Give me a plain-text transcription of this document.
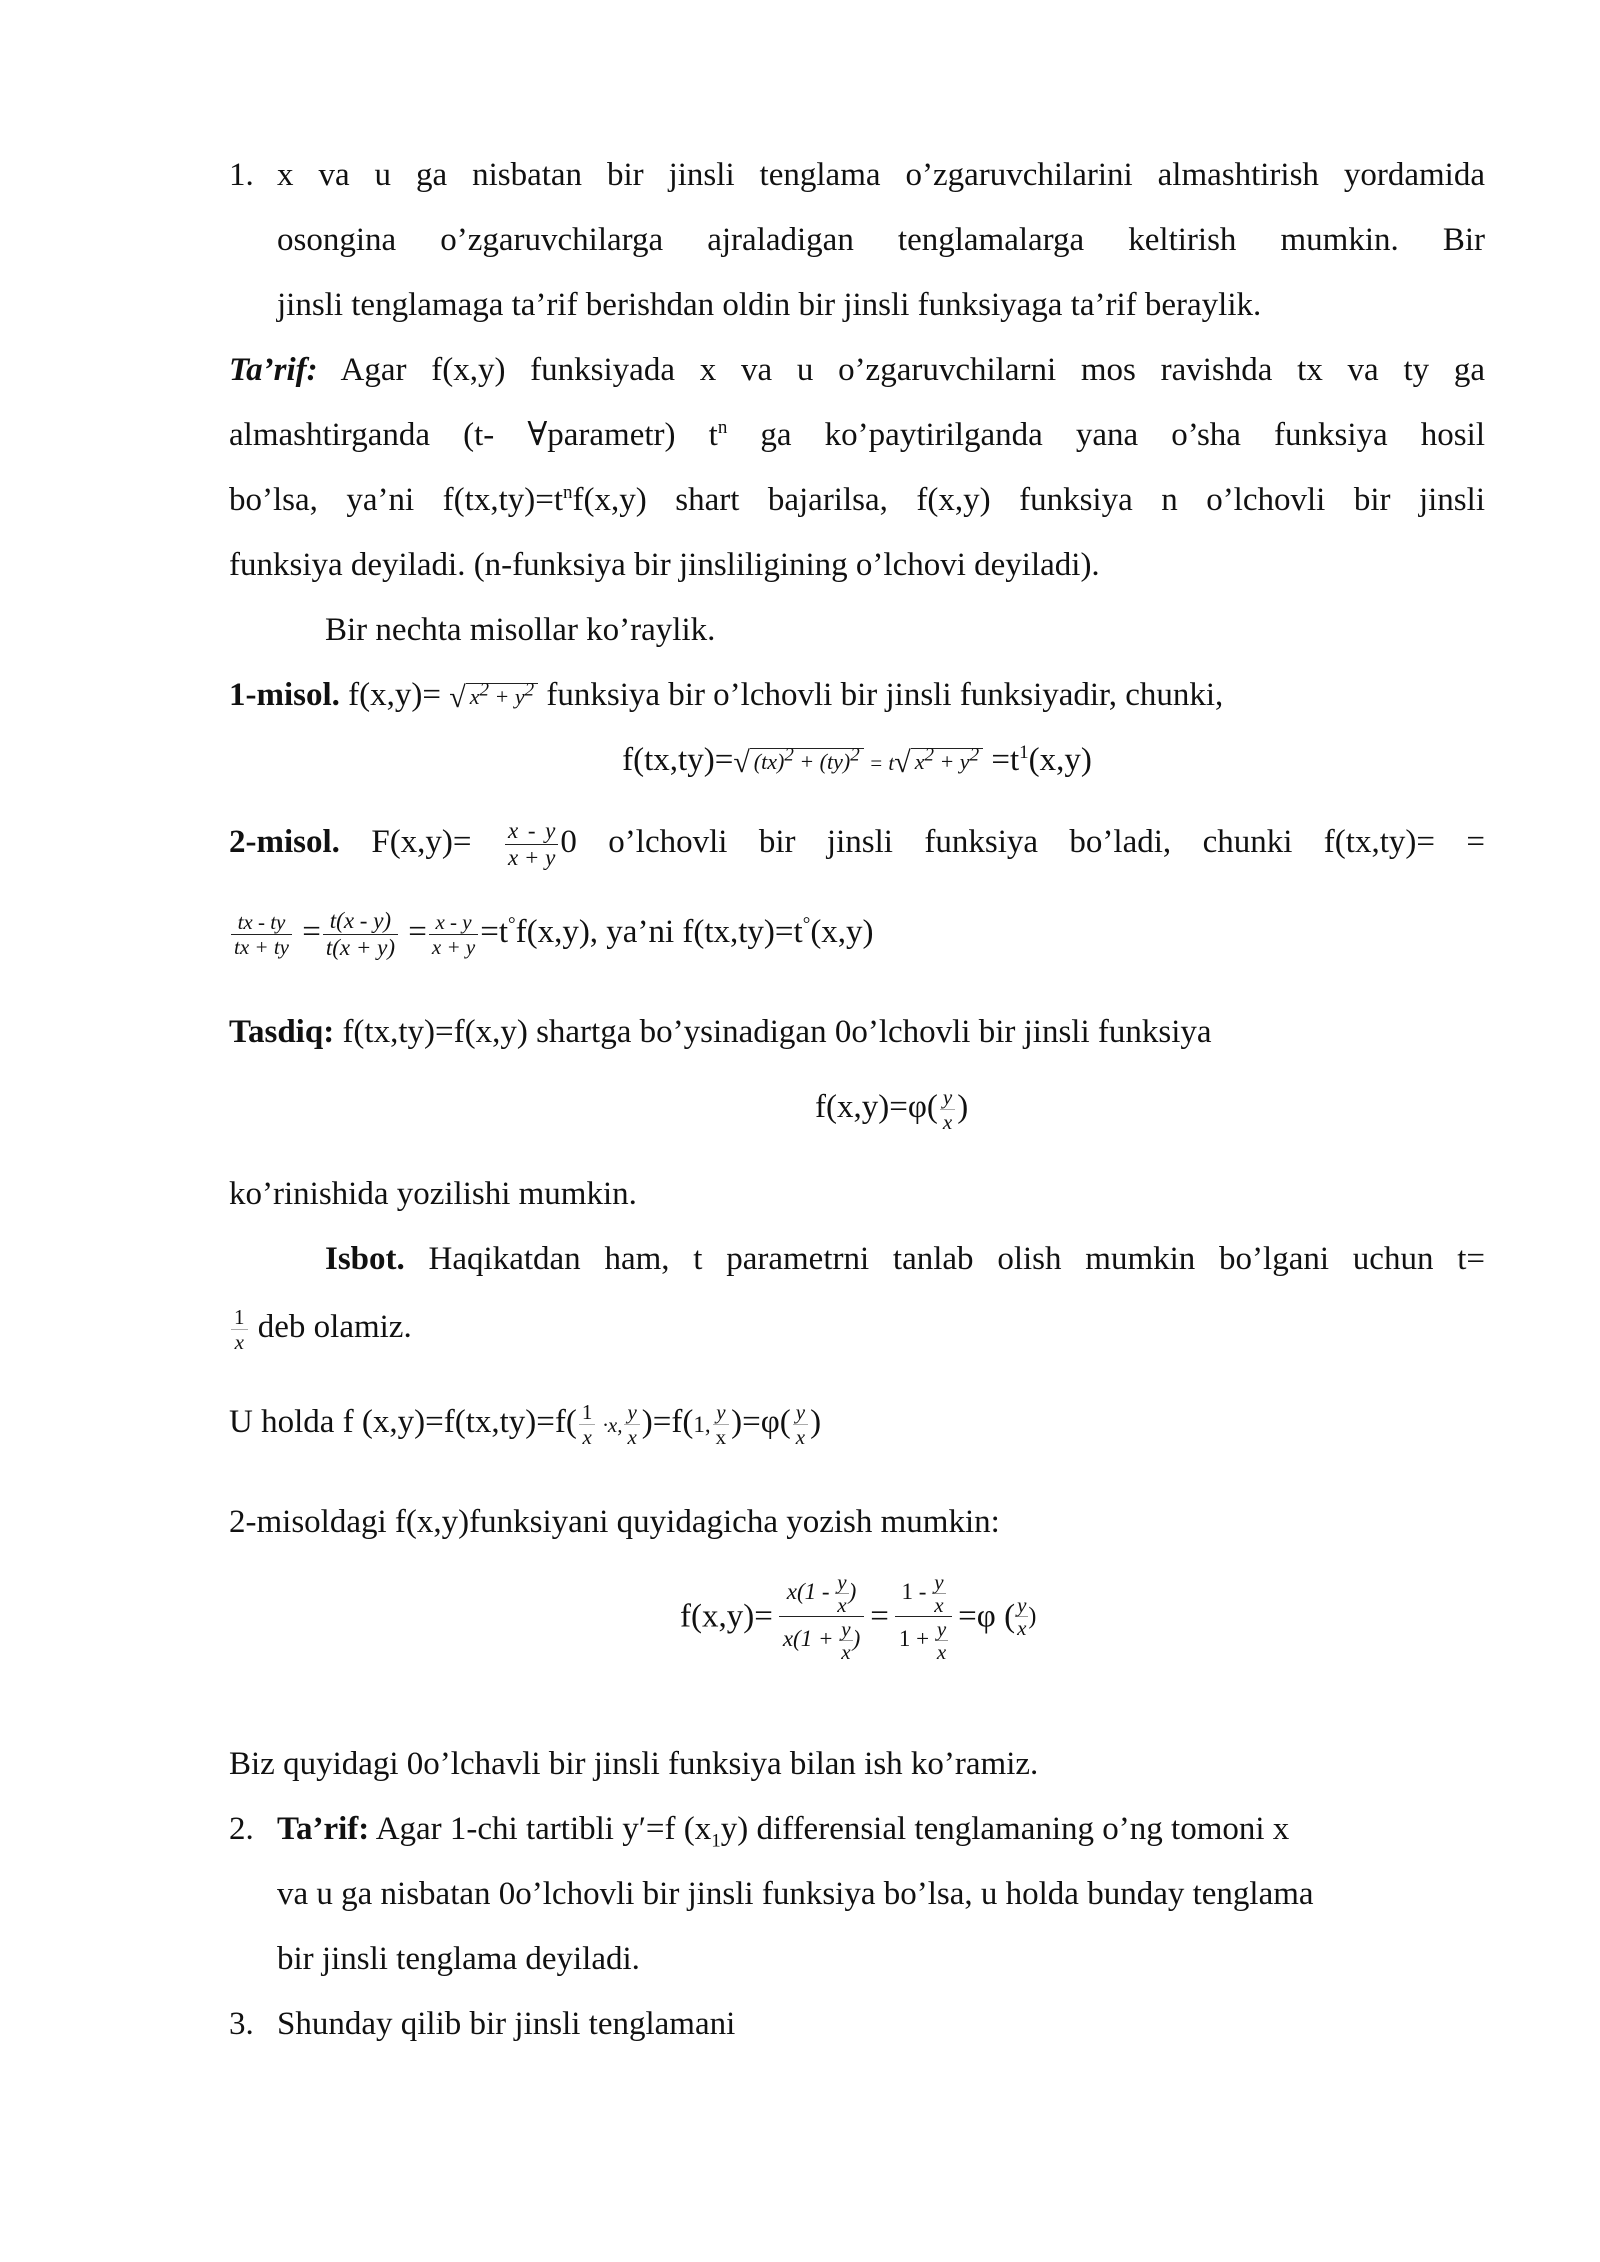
1. x va u ga nisbatan bir jinsli tenglama o’zgaruvchilarini almashtirish yordamida
osongina o’zgaruvchilarga ajraladigan tenglamalarga keltirish mumkin. Bir
jinsli tenglamaga ta’rif berishdan oldin bir jinsli funksiyaga ta’rif beraylik.
Ta’rif: Agar f(x,y) funksiyada x va u o’zgaruvchilarni mos ravishda tx va ty ga
almashtirganda (t- ∀parametr) $t^n$ ga ko’paytirilganda yana o’sha funksiya hosil
bo’lsa, ya’ni $f(tx,ty)=t^nf(x,y)$ shart bajarilsa, f(x,y) funksiya n o’lchovli bir jinsli
funksiya deyiladi. (n-funksiya bir jinsliligining o’lchovi deyiladi).
Bir nechta misollar ko’raylik.
1-misol. f(x,y)= √ $x^2 + y^2$ funksiya bir o’lchovli bir jinsli funksiyadir, chunki,
f(tx,ty)=√ (tx)$^2$ + (ty)$^2$ = t√ $x^2 + y^2 =t^1(x,y)$
2-misol. $F(x,y)= \frac{x - y}{x + y} 0$ o’lchovli bir jinsli funksiya bo’ladi, chunki f(tx,ty)= =
$\frac{tx - ty}{tx + ty} = \frac{t(x - y)}{t(x + y)} = \frac{x - y}{x + y} =t^\circ f(x,y)$, ya’ni f(tx,ty)=t°(x,y)
Tasdiq: f(tx,ty)=f(x,y) shartga bo’ysinadigan 0o’lchovli bir jinsli funksiya
$f(x,y)=\varphi( \frac{y}{x}$ )
ko’rinishida yozilishi mumkin.
Isbot. Haqikatdan ham, t parametrni tanlab olish mumkin bo’lgani uchun t=
$\frac{1}{x}$ deb olamiz.
U holda f $(x,y)=f(tx,ty)=f( \frac{1}{x} \cdot x$, $\frac{y}{x} )=f(1$, $\frac{y}{x} )=\varphi( \frac{y}{x}$ )
2-misoldagi f(x,y)funksiyani quyidagicha yozish mumkin:
$f(x,y)= \frac{x(1 - \frac{y}{x} )}{x(1 + \frac{y}{x} )} = \frac{1 - \frac{y}{x}}{1 + \frac{y}{x}} =\varphi$ ( $\frac{y}{x}$ )
Biz quyidagi 0o’lchavli bir jinsli funksiya bilan ish ko’ramiz.
2. Ta’rif: Agar 1-chi tartibli y′=f $(x_1y)$ differensial tenglamaning o’ng tomoni x
va u ga nisbatan 0o’lchovli bir jinsli funksiya bo’lsa, u holda bunday tenglama
bir jinsli tenglama deyiladi.
3. Shunday qilib bir jinsli tenglamani
